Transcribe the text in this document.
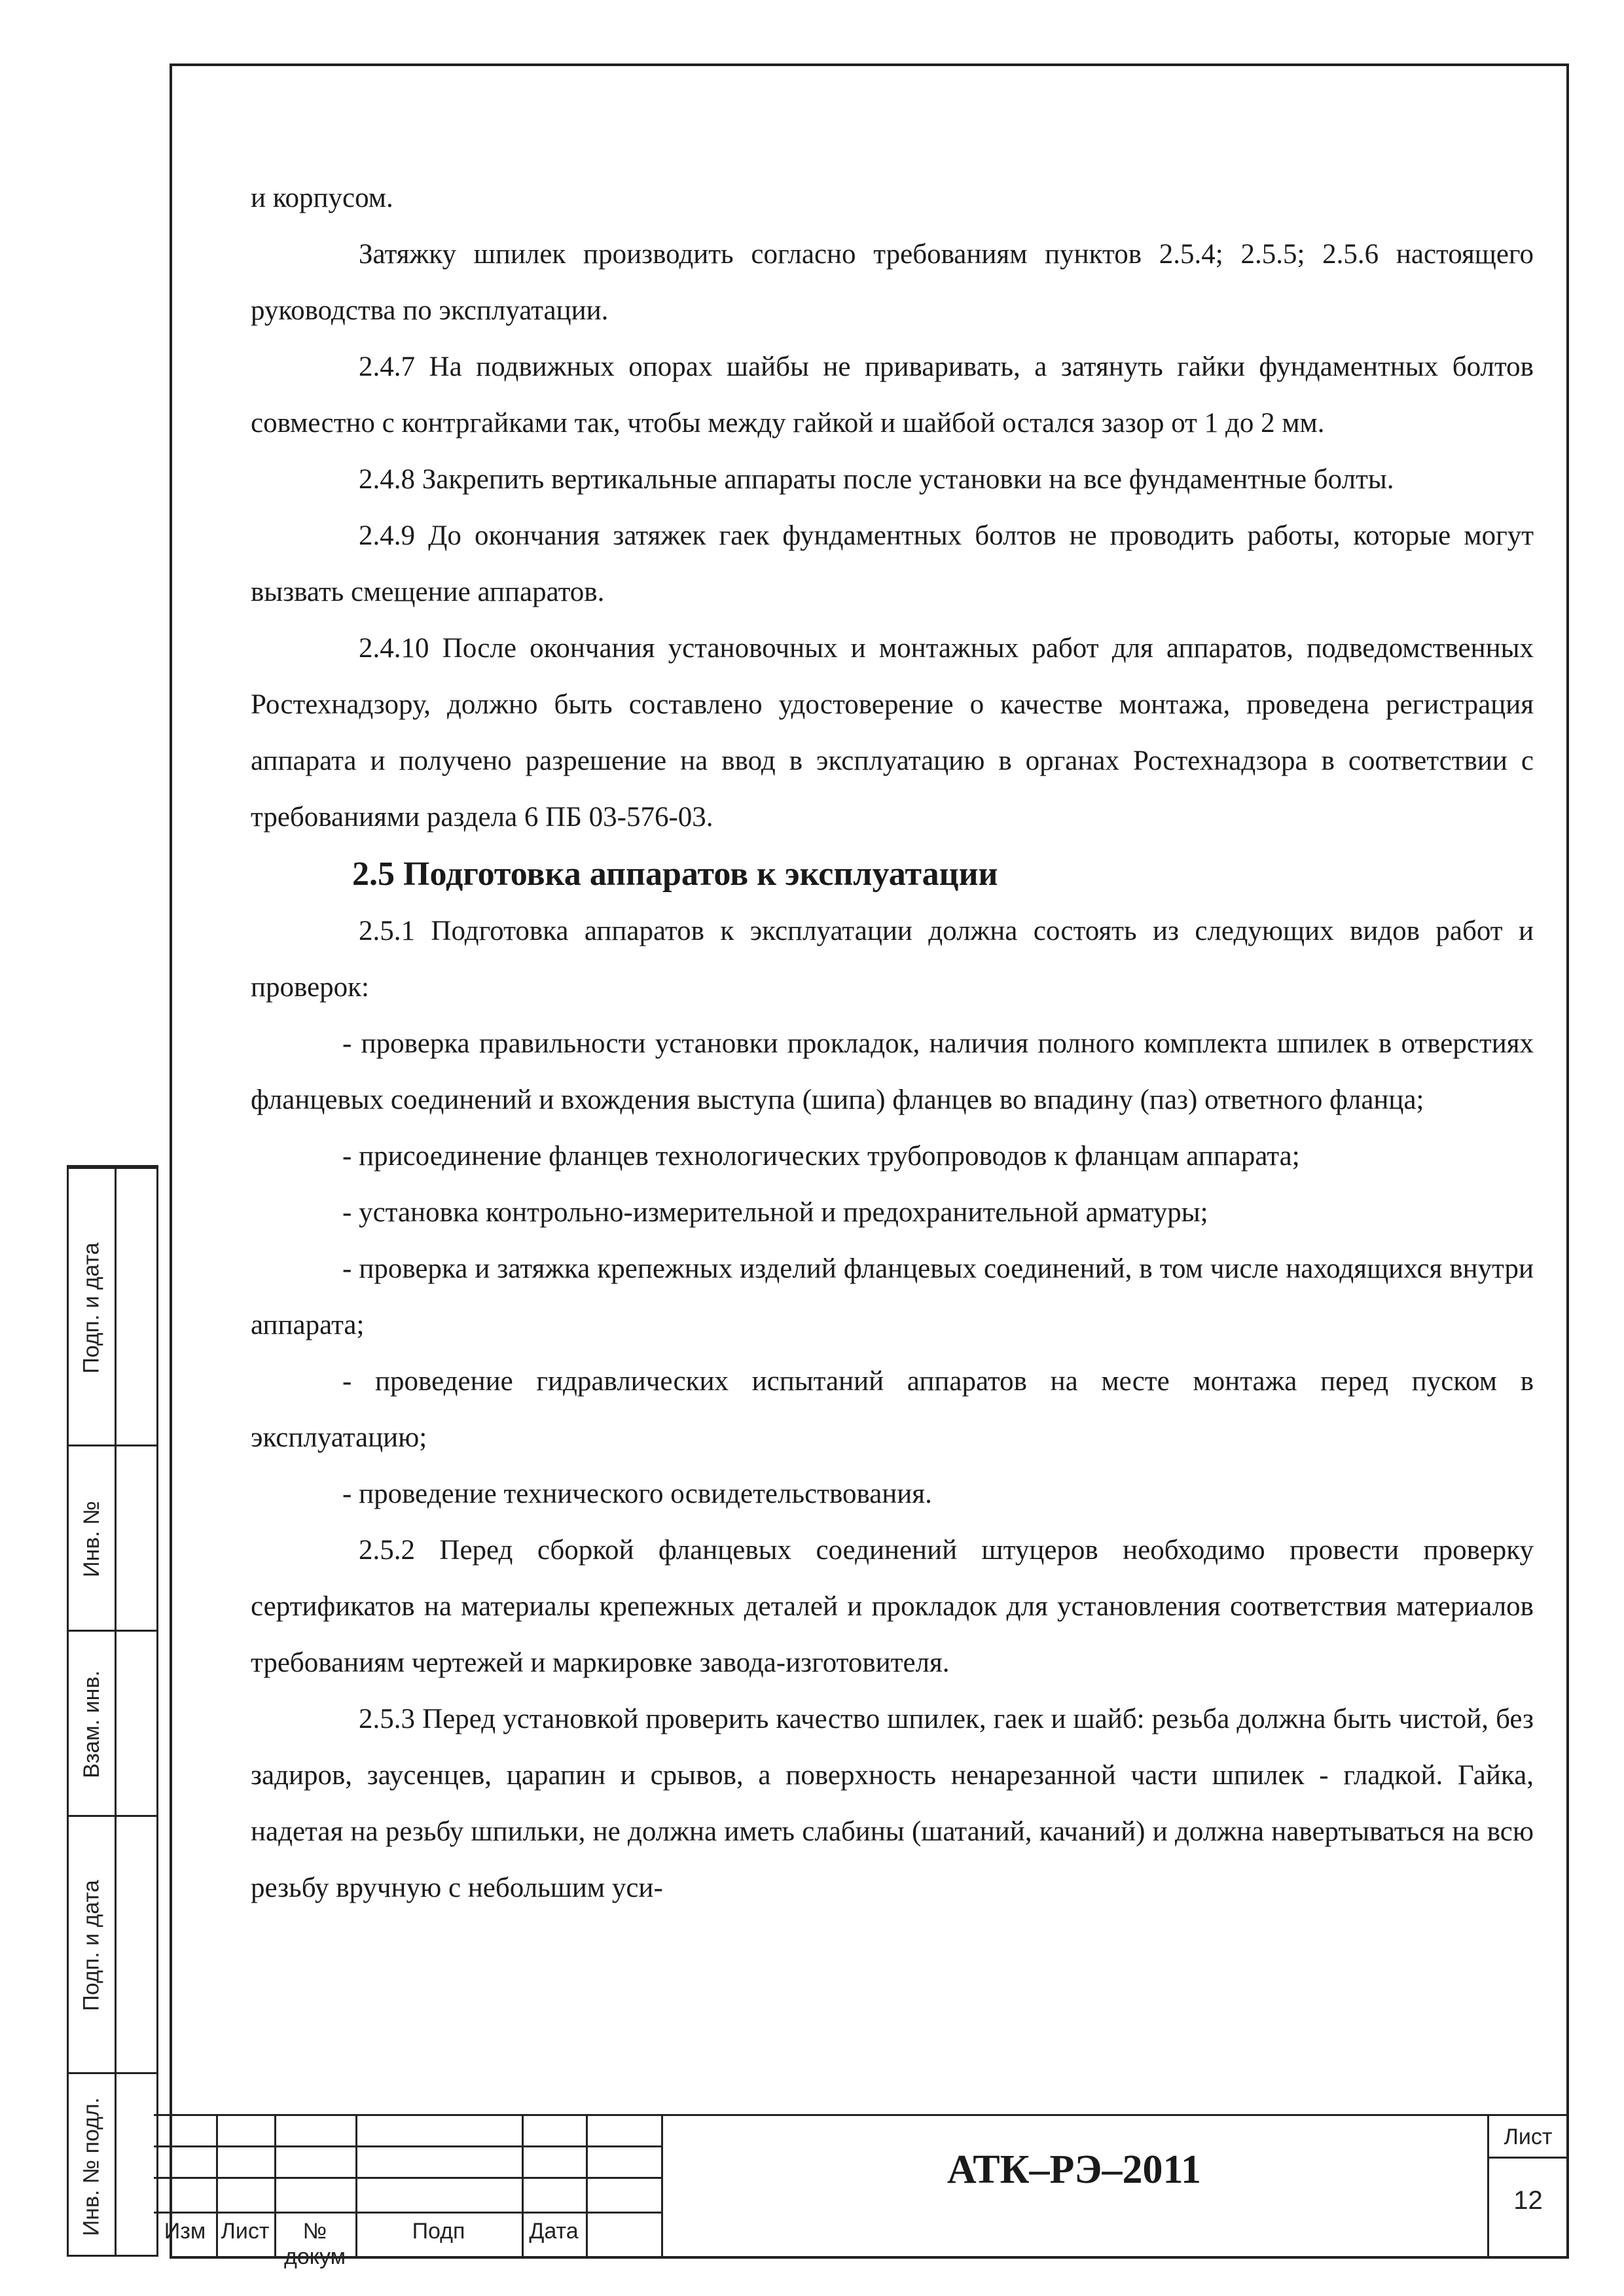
и корпусом.

Затяжку шпилек производить согласно требованиям пунктов 2.5.4; 2.5.5; 2.5.6 настоящего руководства по эксплуатации.

2.4.7 На подвижных опорах шайбы не приваривать, а затянуть гайки фундаментных болтов совместно с контргайками так, чтобы между гайкой и шайбой остался зазор от 1 до 2 мм.

2.4.8 Закрепить вертикальные аппараты после установки на все фундаментные болты.

2.4.9 До окончания затяжек гаек фундаментных болтов не проводить работы, которые могут вызвать смещение аппаратов.

2.4.10 После окончания установочных и монтажных работ для аппаратов, подведомственных Ростехнадзору, должно быть составлено удостоверение о качестве монтажа, проведена регистрация аппарата и получено разрешение на ввод в эксплуатацию в органах Ростехнадзора в соответствии с требованиями раздела 6 ПБ 03-576-03.

2.5 Подготовка аппаратов к эксплуатации

2.5.1 Подготовка аппаратов к эксплуатации должна состоять из следующих видов работ и проверок:

- проверка правильности установки прокладок, наличия полного комплекта шпилек в отверстиях фланцевых соединений и вхождения выступа (шипа) фланцев во впадину (паз) ответного фланца;

- присоединение фланцев технологических трубопроводов к фланцам аппарата;

- установка контрольно-измерительной и предохранительной арматуры;

- проверка и затяжка крепежных изделий фланцевых соединений, в том числе находящихся внутри аппарата;

- проведение гидравлических испытаний аппаратов на месте монтажа перед пуском в эксплуатацию;

- проведение технического освидетельствования.

2.5.2 Перед сборкой фланцевых соединений штуцеров необходимо провести проверку сертификатов на материалы крепежных деталей и прокладок для установления соответствия материалов требованиям чертежей и маркировке завода-изготовителя.

2.5.3 Перед установкой проверить качество шпилек, гаек и шайб: резьба должна быть чистой, без задиров, заусенцев, царапин и срывов, а поверхность ненарезанной части шпилек - гладкой. Гайка, надетая на резьбу шпильки, не должна иметь слабины (шатаний, качаний) и должна навертываться на всю резьбу вручную с небольшим уси-

Подп. и дата
Инв. №
Взам. инв.
Подп. и дата
Инв. № подл.	Изм Лист	№ докум
Подп	Дата
АТК–РЭ–2011
Лист
12
